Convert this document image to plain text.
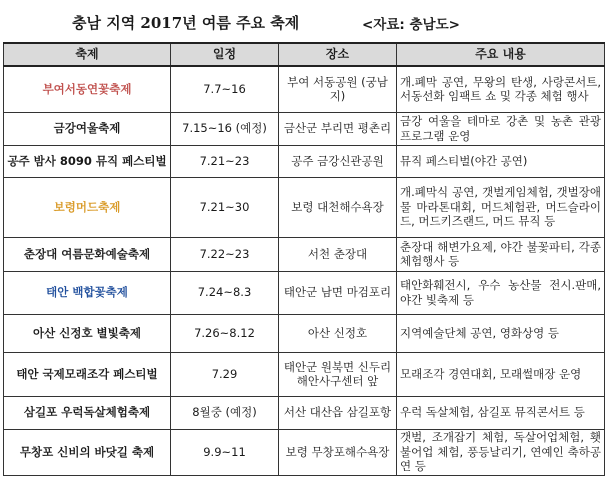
충남 지역 2017년 여름 주요 축제	<자료: 충남도>
축제	일정	장소	주요 내용
부여서동연꽃축제	7.7~16	부여 서동공원 (궁남지)	개.폐막 공연, 무왕의 탄생, 사랑콘서트, 서동선화 임팩트 쇼 및 각종 체험 행사
금강여울축제	7.15~16 (예정)	금산군 부리면 평촌리	금강 여울을 테마로 강촌 및 농촌 관광 프로그램 운영
공주 밤사 8090 뮤직 페스티벌	7.21~23	공주 금강신관공원	뮤직 페스티벌(야간 공연)
보령머드축제	7.21~30	보령 대천해수욕장	개.폐막식 공연, 갯벌게임체험, 갯벌장애물 마라톤대회, 머드체험관, 머드슬라이드, 머드키즈랜드, 머드 뮤직 등
춘장대 여름문화예술축제	7.22~23	서천 춘장대	춘장대 해변가요제, 야간 불꽃파티, 각종 체험행사 등
태안 백합꽃축제	7.24~8.3	태안군 남면 마검포리	태안화훼전시, 우수 농산물 전시.판매, 야간 빛축제 등
아산 신정호 별빛축제	7.26~8.12	아산 신정호	지역예술단체 공연, 영화상영 등
태안 국제모래조각 페스티벌	7.29	태안군 원북면 신두리 해안사구센터 앞	모래조각 경연대회, 모래썰매장 운영
삼길포 우럭독살체험축제	8월중 (예정)	서산 대산읍 삼길포항	우럭 독살체험, 삼길포 뮤직콘서트 등
무창포 신비의 바닷길 축제	9.9~11	보령 무창포해수욕장	갯벌, 조개잡기 체험, 독살어업체험, 횃불어업 체험, 풍등날리기, 연예인 축하공연 등
